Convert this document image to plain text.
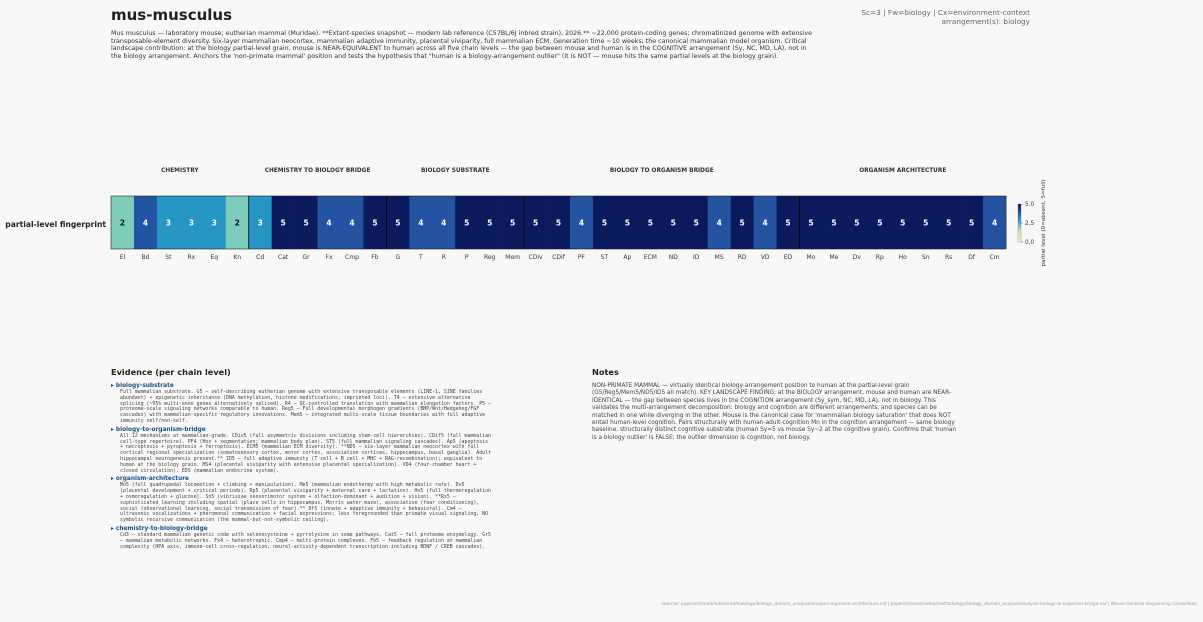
mus-musculus	Sc=3 | Fw=biology | Cx=environment-context
arrangement(s): biology
Mus musculus — laboratory mouse; eutherian mammal (Muridae). **Extant-species snapshot — modern lab reference (C57BL/6J inbred strain), 2026.** ~22,000 protein-coding genes; chromatinized genome with extensive transposable-element diversity. Six-layer mammalian neocortex, mammalian adaptive immunity, placental viviparity, full mammalian ECM. Generation time ~10 weeks; the canonical mammalian model organism. Critical landscape contribution: at the biology partial-level grain, mouse is NEAR-EQUIVALENT to human across all five chain levels — the gap between mouse and human is in the COGNITIVE arrangement (Sy, NC, MD, LA), not in the biology arrangement. Anchors the 'non-primate mammal' position and tests the hypothesis that "human is a biology-arrangement outlier" (it is NOT — mouse hits the same partial levels at the biology grain).
CHEMISTRY	CHEMISTRY TO BIOLOGY BRIDGE	BIOLOGY SUBSTRATE	BIOLOGY TO ORGANISM BRIDGE	ORGANISM ARCHITECTURE
2 4 3 3 3 2 3 5 5 4 4 5 5 4 4 5 5 5 5 5 4 5 5 5 5 5 4 5 4 5 5 5 5 5 5 5 5 5 4
El	Bd	St	Rx	Eq	Kn	Cd Cat Gr	Fx Cmp Fb	G	T	R	P	Reg Mem CDiv CDif PF	ST	Ap ECM ND	ID	MS RD VD ED Mo Me Dv Rp Ho	Sn	Rs	Df Cm
partial-level fingerprint
0.0
2.5
5.0 partial level (0=absent, 5=full)
Evidence (per chain level)
▸ biology-substrate
Full mammalian substrate. G5 — self-describing eutherian genome with extensive transposable elements (LINE-1, SINE families abundant) + epigenetic inheritance (DNA methylation, histone modifications, imprinted loci). T4 — extensive alternative splicing (~95% multi-exon genes alternatively spliced). R4 — QC-controlled translation with mammalian elongation factors. P5 — proteome-scale signaling networks comparable to human. Reg5 — Full developmental morphogen gradients (BMP/Wnt/Hedgehog/FGF cascades) with mammalian-specific regulatory innovations. Mem5 — integrated multi-scale tissue boundaries with full adaptive immunity self/non-self.
▸ biology-to-organism-bridge
All 12 mechanisms at mammalian-grade. CDiv5 (full asymmetric divisions including stem-cell hierarchies). CDif5 (full mammalian cell-type repertoire). PF4 (Hox + segmentation; mammalian body plan). ST5 (full mammalian signaling cascades). Ap5 (apoptosis + necroptosis + pyroptosis + ferroptosis). ECM5 (mammalian ECM diversity). **ND5 — six-layer mammalian neocortex with full cortical regional specialization (somatosensory cortex, motor cortex, association cortices, hippocampus, basal ganglia). Adult hippocampal neurogenesis present.** ID5 — full adaptive immunity (T cell + B cell + MHC + RAG-recombination); equivalent to human at the biology grain. MS4 (placental viviparity with extensive placental specialization). VD4 (four-chamber heart + closed circulation). ED5 (mammalian endocrine system).
▸ organism-architecture
Mo5 (full quadrupedal locomotion + climbing + manipulation). Me5 (mammalian endothermy with high metabolic rate). Dv5 (placental development + critical periods). Rp5 (placental viviparity + maternal care + lactation). Ho5 (full thermoregulation + osmoregulation + glucose). Sn5 (vibrissae sensorimotor system + olfaction-dominant + audition + vision). **Rs5 — sophisticated learning including spatial (place cells in hippocampus, Morris water maze), associative (fear conditioning), social (observational learning, social transmission of fear).** Df5 (innate + adaptive immunity + behavioral). Cm4 — ultrasonic vocalizations + pheromonal communication + facial expressions; less foregrounded than primate visual signaling, NO symbolic recursive communication (the mammal-but-not-symbolic ceiling).
▸ chemistry-to-biology-bridge
Cd3 — standard mammalian genetic code with selenocysteine + pyrrolysine in some pathways. Cat5 — full proteome enzymology. Gr5 — mammalian metabolic networks. Fx4 — heterotrophic. Cmp4 — multi-protein complexes. Fb5 — feedback regulation at mammalian complexity (HPA axis, immune-cell cross-regulation, neural-activity-dependent transcription including BDNF / CREB cascades).
Notes
NON-PRIMATE MAMMAL — virtually identical biology-arrangement position to human at the partial-level grain (G5/Reg5/Mem5/ND5/ID5 all match). KEY LANDSCAPE FINDING: at the BIOLOGY arrangement, mouse and human are NEAR-IDENTICAL — the gap between species lives in the COGNITION arrangement (Sy_sym, NC, MD, LA), not in biology. This validates the multi-arrangement decomposition: biology and cognition are different arrangements, and species can be matched in one while diverging in the other. Mouse is the canonical case for 'mammalian biology saturation' that does NOT entail human-level cognition. Pairs structurally with human-adult-cognition Mn in the cognition arrangement — same biology baseline, structurally distinct cognitive substrate (human Sy=5 vs mouse Sy~2 at the cognitive grain). Confirms that 'human is a biology outlier' is FALSE; the outlier dimension is cognition, not biology.
sources: papers/shared/notes/methodology/biology_domain_analysis/analysis-organism-architecture.md | papers/shared/notes/methodology/biology_domain_analysis/analysis-biology-to-organism-bridge.md | Mouse Genome Sequencing Consortium
